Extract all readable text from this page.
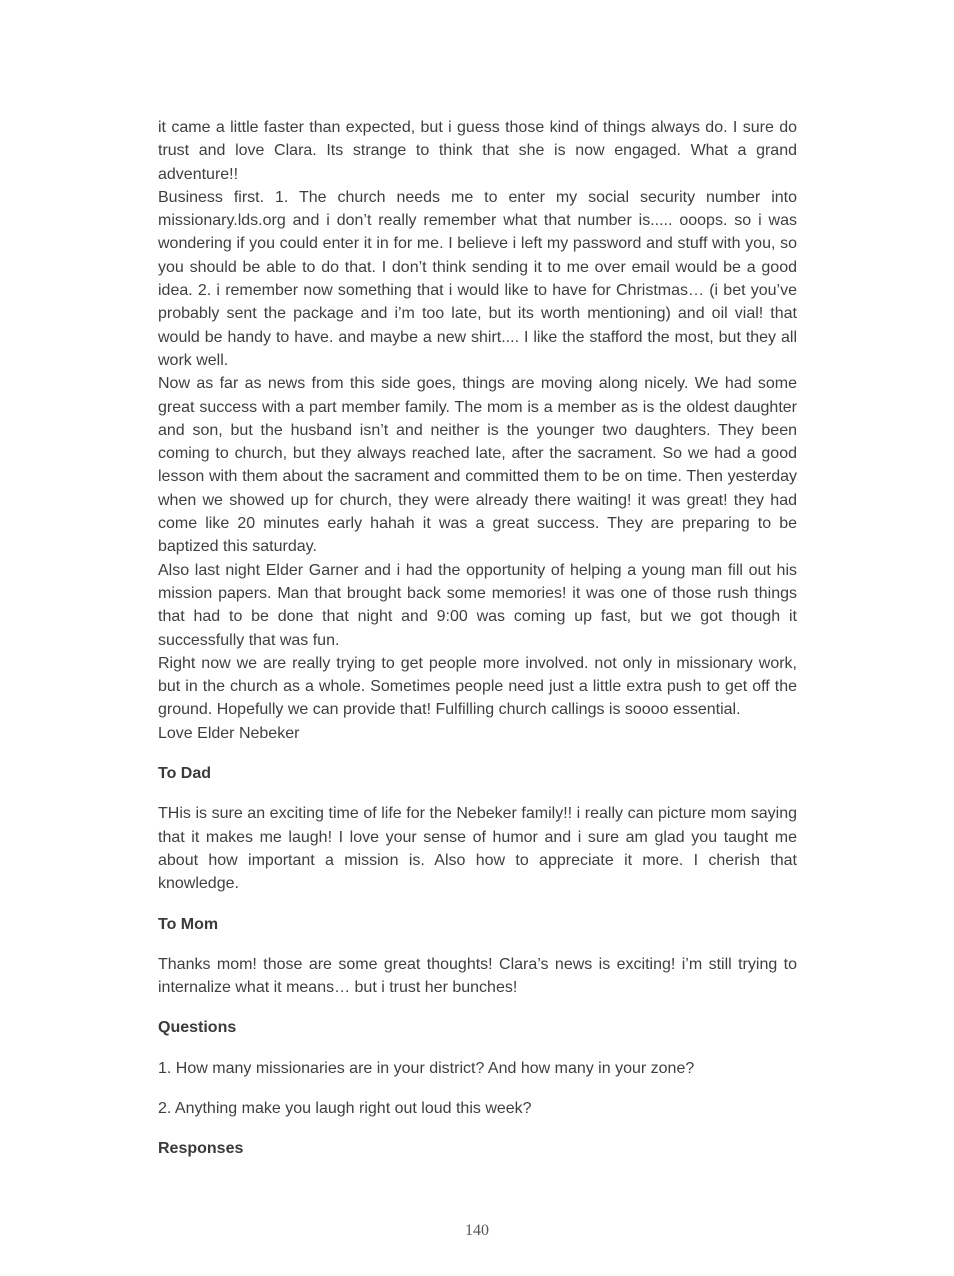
it came a little faster than expected, but i guess those kind of things always do. I sure do trust and love Clara. Its strange to think that she is now engaged. What a grand adventure!!

Business first. 1. The church needs me to enter my social security number into missionary.lds.org and i don’t really remember what that number is..... ooops. so i was wondering if you could enter it in for me. I believe i left my password and stuff with you, so you should be able to do that. I don’t think sending it to me over email would be a good idea. 2. i remember now something that i would like to have for Christmas… (i bet you’ve probably sent the package and i’m too late, but its worth mentioning) and oil vial! that would be handy to have. and maybe a new shirt.... I like the stafford the most, but they all work well.

Now as far as news from this side goes, things are moving along nicely. We had some great success with a part member family. The mom is a member as is the oldest daughter and son, but the husband isn’t and neither is the younger two daughters. They been coming to church, but they always reached late, after the sacrament. So we had a good lesson with them about the sacrament and committed them to be on time. Then yesterday when we showed up for church, they were already there waiting! it was great! they had come like 20 minutes early hahah it was a great success. They are preparing to be baptized this saturday.

Also last night Elder Garner and i had the opportunity of helping a young man fill out his mission papers. Man that brought back some memories! it was one of those rush things that had to be done that night and 9:00 was coming up fast, but we got though it successfully that was fun.

Right now we are really trying to get people more involved. not only in missionary work, but in the church as a whole. Sometimes people need just a little extra push to get off the ground. Hopefully we can provide that! Fulfilling church callings is soooo essential.

Love Elder Nebeker

To Dad

THis is sure an exciting time of life for the Nebeker family!! i really can picture mom saying that it makes me laugh! I love your sense of humor and i sure am glad you taught me about how important a mission is. Also how to appreciate it more. I cherish that knowledge.

To Mom

Thanks mom! those are some great thoughts! Clara’s news is exciting! i’m still trying to internalize what it means… but i trust her bunches!

Questions

1. How many missionaries are in your district? And how many in your zone?

2. Anything make you laugh right out loud this week?

Responses

140
